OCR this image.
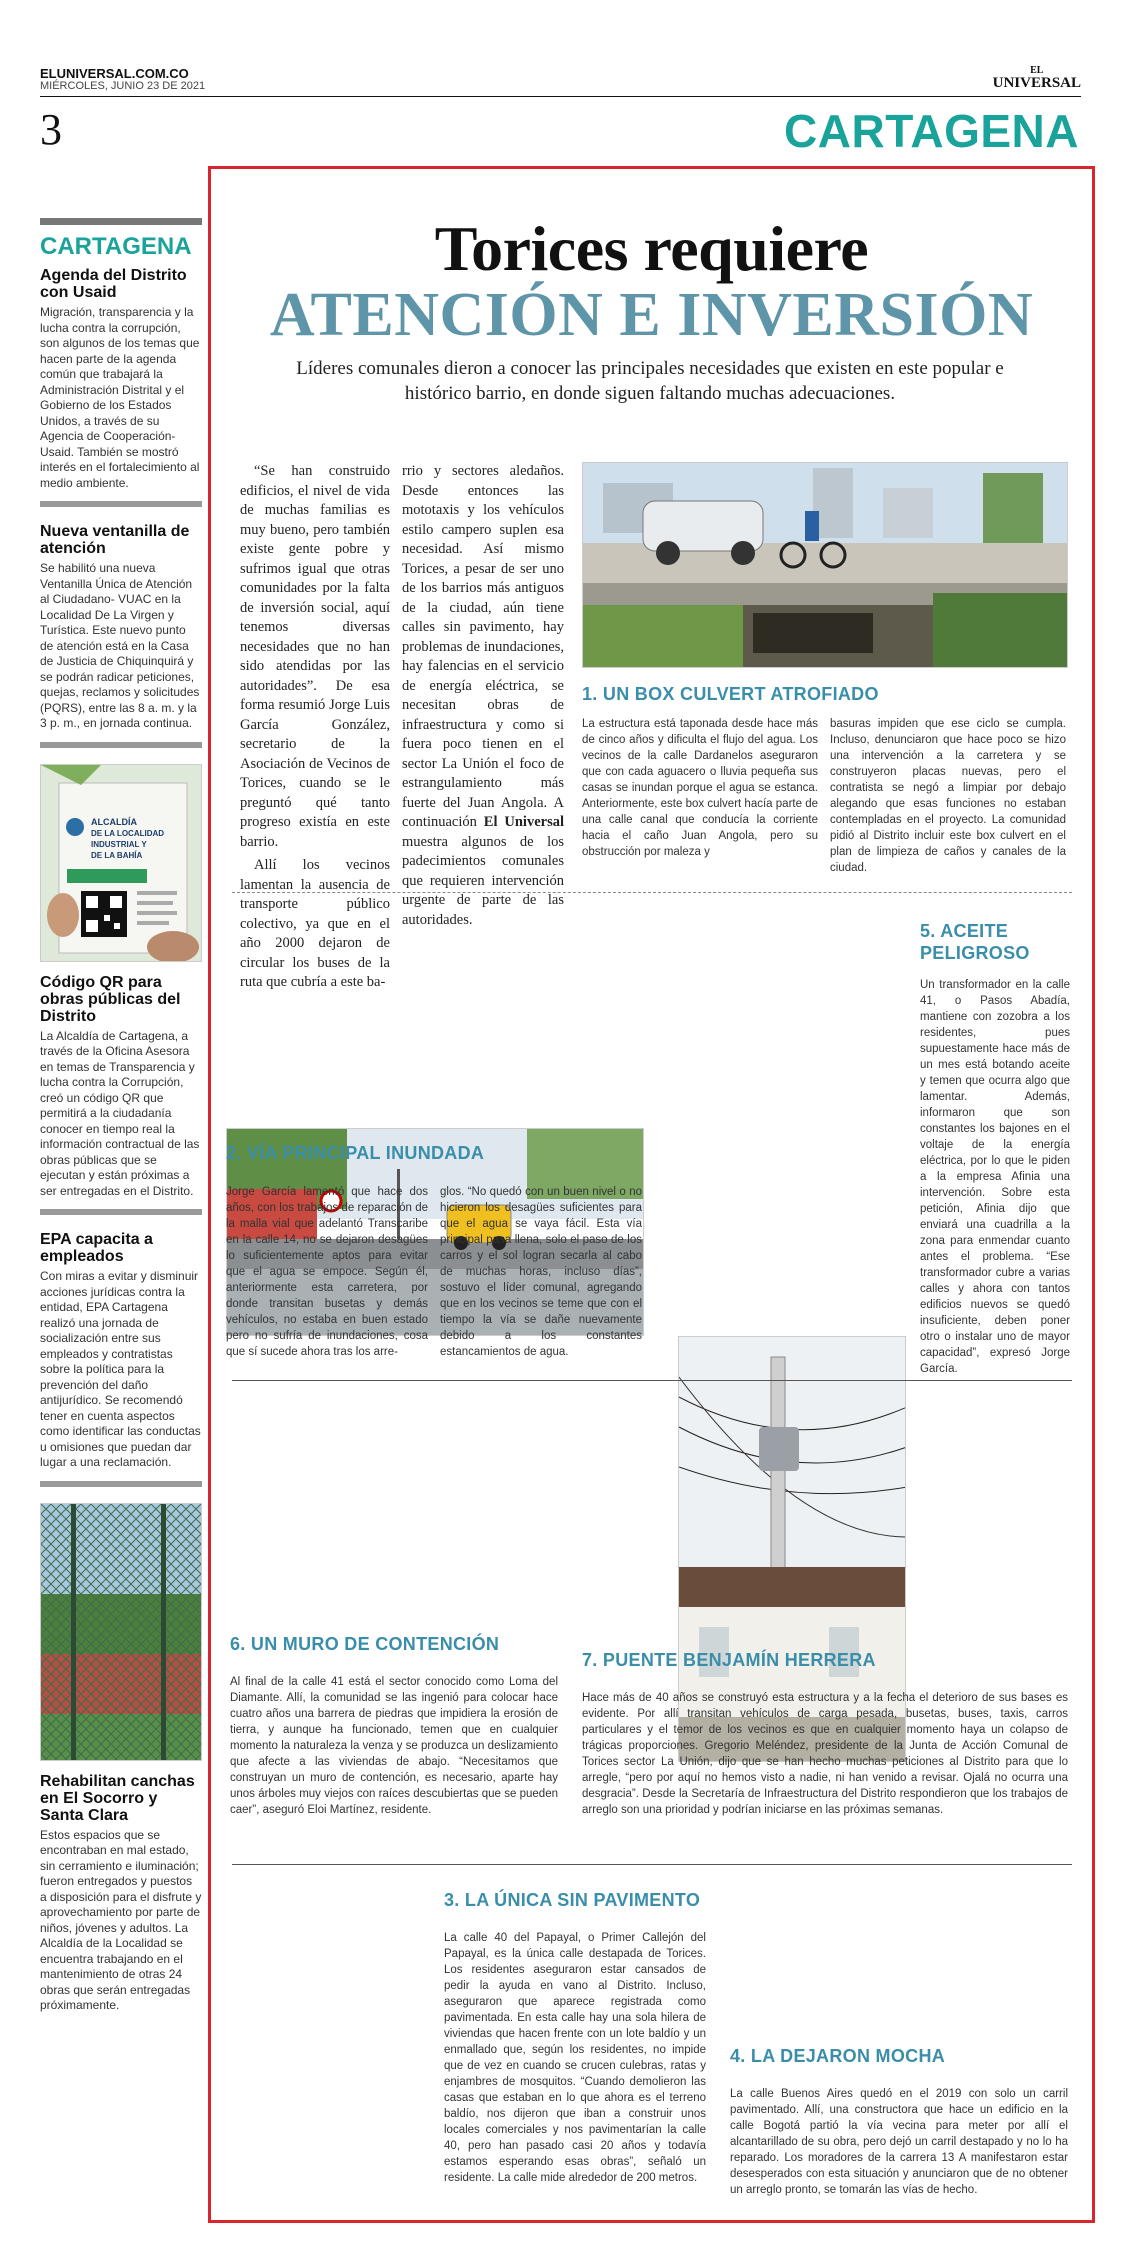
ELUNIVERSAL.COM.CO
MIÉRCOLES, JUNIO 23 DE 2021
EL
UNIVERSAL
3	CARTAGENA
CARTAGENA
Agenda del Distrito con Usaid
Migración, transparencia y la lucha contra la corrupción, son algunos de los temas que hacen parte de la agenda común que trabajará la Administración Distrital y el Gobierno de los Estados Unidos, a través de su Agencia de Cooperación-Usaid. También se mostró interés en el fortalecimiento al medio ambiente.
Nueva ventanilla de atención
Se habilitó una nueva Ventanilla Única de Atención al Ciudadano- VUAC en la Localidad De La Virgen y Turística. Este nuevo punto de atención está en la Casa de Justicia de Chiquinquirá y se podrán radicar peticiones, quejas, reclamos y solicitudes (PQRS), entre las 8 a. m. y la 3 p. m., en jornada continua.
ALCALDÍA
DE LA LOCALIDAD
INDUSTRIAL Y
DE LA BAHÍA
Código QR para obras públicas del Distrito
La Alcaldía de Cartagena, a través de la Oficina Asesora en temas de Transparencia y lucha contra la Corrupción, creó un código QR que permitirá a la ciudadanía conocer en tiempo real la información contractual de las obras públicas que se ejecutan y están próximas a ser entregadas en el Distrito.
EPA capacita a empleados
Con miras a evitar y disminuir acciones jurídicas contra la entidad, EPA Cartagena realizó una jornada de socialización entre sus empleados y contratistas sobre la política para la prevención del daño antijurídico. Se recomendó tener en cuenta aspectos como identificar las conductas u omisiones que puedan dar lugar a una reclamación.
Rehabilitan canchas en El Socorro y Santa Clara
Estos espacios que se encontraban en mal estado, sin cerramiento e iluminación; fueron entregados y puestos a disposición para el disfrute y aprovechamiento por parte de niños, jóvenes y adultos. La Alcaldía de la Localidad se encuentra trabajando en el mantenimiento de otras 24 obras que serán entregadas próximamente.
Torices requiere
ATENCIÓN E INVERSIÓN
Líderes comunales dieron a conocer las principales necesidades que existen en este popular e histórico barrio, en donde siguen faltando muchas adecuaciones.

“Se han construido edificios, el nivel de vida de muchas familias es muy bueno, pero también existe gente pobre y sufrimos igual que otras comunidades por la falta de inversión social, aquí tenemos diversas necesidades que no han sido atendidas por las autoridades”. De esa forma resumió Jorge Luis García González, secretario de la Asociación de Vecinos de Torices, cuando se le preguntó qué tanto progreso existía en este barrio.

Allí los vecinos lamentan la ausencia de transporte público colectivo, ya que en el año 2000 dejaron de circular los buses de la ruta que cubría a este ba-

rrio y sectores aledaños. Desde entonces las mototaxis y los vehículos estilo campero suplen esa necesidad. Así mismo Torices, a pesar de ser uno de los barrios más antiguos de la ciudad, aún tiene calles sin pavimento, hay problemas de inundaciones, hay falencias en el servicio de energía eléctrica, se necesitan obras de infraestructura y como si fuera poco tienen en el sector La Unión el foco de estrangulamiento más fuerte del Juan Angola. A continuación El Universal muestra algunos de los padecimientos comunales que requieren intervención urgente de parte de las autoridades.
1. UN BOX CULVERT ATROFIADO
La estructura está taponada desde hace más de cinco años y dificulta el flujo del agua. Los vecinos de la calle Dardanelos aseguraron que con cada aguacero o lluvia pequeña sus casas se inundan porque el agua se estanca. Anteriormente, este box culvert hacía parte de una calle canal que conducía la corriente hacia el caño Juan Angola, pero su obstrucción por maleza y
basuras impiden que ese ciclo se cumpla. Incluso, denunciaron que hace poco se hizo una intervención a la carretera y se construyeron placas nuevas, pero el contratista se negó a limpiar por debajo alegando que esas funciones no estaban contempladas en el proyecto. La comunidad pidió al Distrito incluir este box culvert en el plan de limpieza de caños y canales de la ciudad.
2. VÍA PRINCIPAL INUNDADA
Jorge García lamentó que hace dos años, con los trabajos de reparación de la malla vial que adelantó Transcaribe en la calle 14, no se dejaron desagües lo suficientemente aptos para evitar que el agua se empoce. Según él, anteriormente esta carretera, por donde transitan busetas y demás vehículos, no estaba en buen estado pero no sufría de inundaciones, cosa que sí sucede ahora tras los arre-
glos. “No quedó con un buen nivel o no hicieron los desagües suficientes para que el agua se vaya fácil. Esta vía principal pasa llena, solo el paso de los carros y el sol logran secarla al cabo de muchas horas, incluso días”, sostuvo el líder comunal, agregando que en los vecinos se teme que con el tiempo la vía se dañe nuevamente debido a los constantes estancamientos de agua.
5. ACEITE
PELIGROSO
Un transformador en la calle 41, o Pasos Abadía, mantiene con zozobra a los residentes, pues supuestamente hace más de un mes está botando aceite y temen que ocurra algo que lamentar. Además, informaron que son constantes los bajones en el voltaje de la energía eléctrica, por lo que le piden a la empresa Afinia una intervención. Sobre esta petición, Afinia dijo que enviará una cuadrilla a la zona para enmendar cuanto antes el problema. “Ese transformador cubre a varias calles y ahora con tantos edificios nuevos se quedó insuficiente, deben poner otro o instalar uno de mayor capacidad”, expresó Jorge García.
6. UN MURO DE CONTENCIÓN
Al final de la calle 41 está el sector conocido como Loma del Diamante. Allí, la comunidad se las ingenió para colocar hace cuatro años una barrera de piedras que impidiera la erosión de tierra, y aunque ha funcionado, temen que en cualquier momento la naturaleza la venza y se produzca un deslizamiento que afecte a las viviendas de abajo. “Necesitamos que construyan un muro de contención, es necesario, aparte hay unos árboles muy viejos con raíces descubiertas que se pueden caer”, aseguró Eloi Martínez, residente.
7. PUENTE BENJAMÍN HERRERA
Hace más de 40 años se construyó esta estructura y a la fecha el deterioro de sus bases es evidente. Por allí transitan vehículos de carga pesada, busetas, buses, taxis, carros particulares y el temor de los vecinos es que en cualquier momento haya un colapso de trágicas proporciones. Gregorio Meléndez, presidente de la Junta de Acción Comunal de Torices sector La Unión, dijo que se han hecho muchas peticiones al Distrito para que lo arregle, “pero por aquí no hemos visto a nadie, ni han venido a revisar. Ojalá no ocurra una desgracia”. Desde la Secretaría de Infraestructura del Distrito respondieron que los trabajos de arreglo son una prioridad y podrían iniciarse en las próximas semanas.
3. LA ÚNICA SIN PAVIMENTO
La calle 40 del Papayal, o Primer Callejón del Papayal, es la única calle destapada de Torices. Los residentes aseguraron estar cansados de pedir la ayuda en vano al Distrito. Incluso, aseguraron que aparece registrada como pavimentada. En esta calle hay una sola hilera de viviendas que hacen frente con un lote baldío y un enmallado que, según los residentes, no impide que de vez en cuando se crucen culebras, ratas y enjambres de mosquitos. “Cuando demolieron las casas que estaban en lo que ahora es el terreno baldío, nos dijeron que iban a construir unos locales comerciales y nos pavimentarían la calle 40, pero han pasado casi 20 años y todavía estamos esperando esas obras”, señaló un residente. La calle mide alrededor de 200 metros.
4. LA DEJARON MOCHA
La calle Buenos Aires quedó en el 2019 con solo un carril pavimentado. Allí, una constructora que hace un edificio en la calle Bogotá partió la vía vecina para meter por allí el alcantarillado de su obra, pero dejó un carril destapado y no lo ha reparado. Los moradores de la carrera 13 A manifestaron estar desesperados con esta situación y anunciaron que de no obtener un arreglo pronto, se tomarán las vías de hecho.
